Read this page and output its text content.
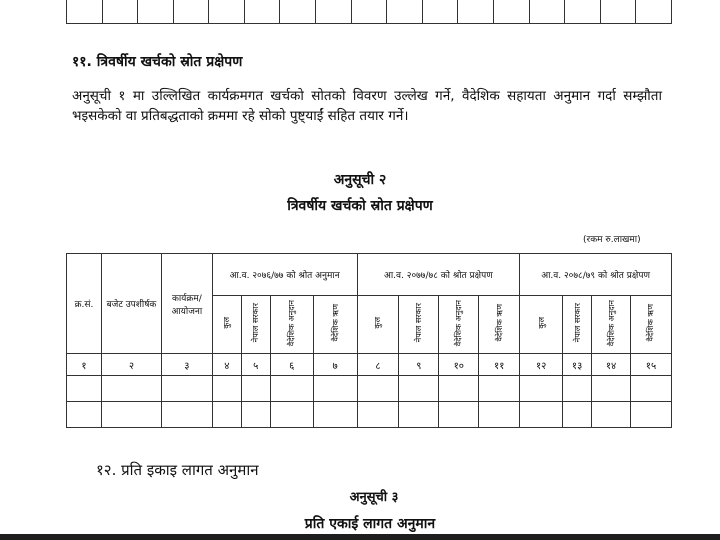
११. त्रिवर्षीय खर्चको स्रोत प्रक्षेपण
अनुसूची १ मा उल्लिखित कार्यक्रमगत खर्चको सोतको विवरण उल्लेख गर्ने, वैदेशिक सहायता अनुमान गर्दा सम्झौता भइसकेको वा प्रतिबद्धताको क्रममा रहे सोको पुष्ट्याईं सहित तयार गर्ने।
अनुसूची २
त्रिवर्षीय खर्चको स्रोत प्रक्षेपण
(रकम रु.लाखमा)
क्र.सं.	बजेट उपशीर्षक	कार्यक्रम/ आयोजना	आ.व. २०७६/७७ को श्रोत अनुमान				आ.व. २०७७/७८ को श्रोत प्रक्षेपण				आ.व. २०७८/७९ को श्रोत प्रक्षेपण			
			कुल	नेपाल सरकार	वैदेशिक अनुदान	वैदेशिक ऋण	कुल	नेपाल सरकार	वैदेशिक अनुदान	वैदेशिक ऋण	कुल	नेपाल सरकार	वैदेशिक अनुदान	वैदेशिक ऋण
१	२	३	४	५	६	७	८	९	१०	११	१२	१३	१४	१५

१२. प्रति इकाइ लागत अनुमान
अनुसूची ३
प्रति एकाई लागत अनुमान
